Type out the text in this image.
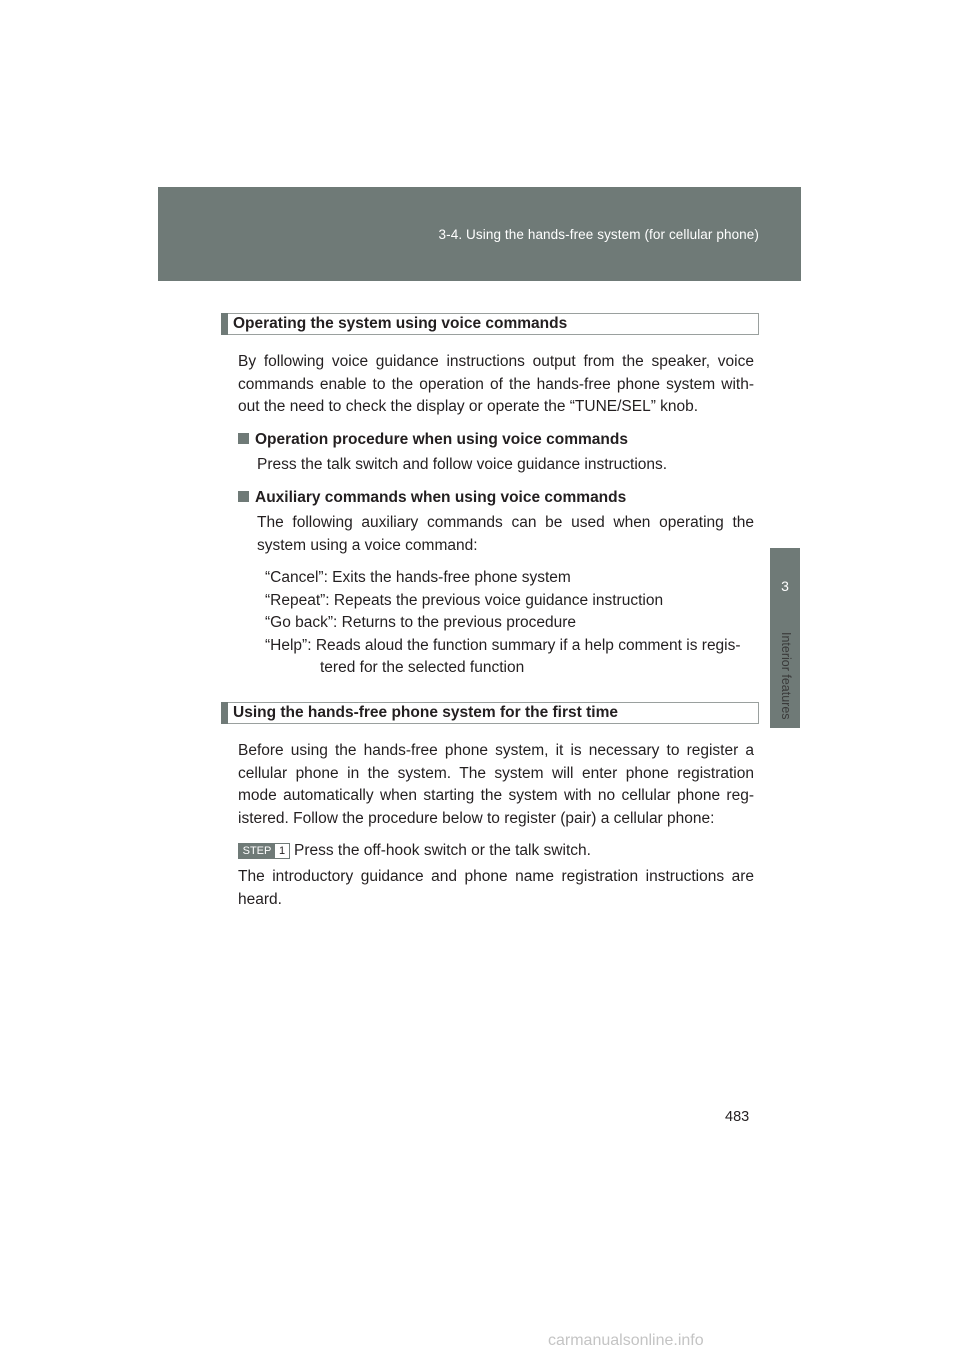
3-4. Using the hands-free system (for cellular phone)
3
Interior features
Operating the system using voice commands
By following voice guidance instructions output from the speaker, voice commands enable to the operation of the hands-free phone system with-out the need to check the display or operate the “TUNE/SEL” knob.
Operation procedure when using voice commands
Press the talk switch and follow voice guidance instructions.
Auxiliary commands when using voice commands
The following auxiliary commands can be used when operating the system using a voice command:
“Cancel”: Exits the hands-free phone system
“Repeat”: Repeats the previous voice guidance instruction
“Go back”: Returns to the previous procedure
“Help”: Reads aloud the function summary if a help comment is regis-
tered for the selected function
Using the hands-free phone system for the first time
Before using the hands-free phone system, it is necessary to register a cellular phone in the system. The system will enter phone registration mode automatically when starting the system with no cellular phone reg-istered. Follow the procedure below to register (pair) a cellular phone:
STEP 1 Press the off-hook switch or the talk switch.
The introductory guidance and phone name registration instructions are heard.
483
carmanualsonline.info
